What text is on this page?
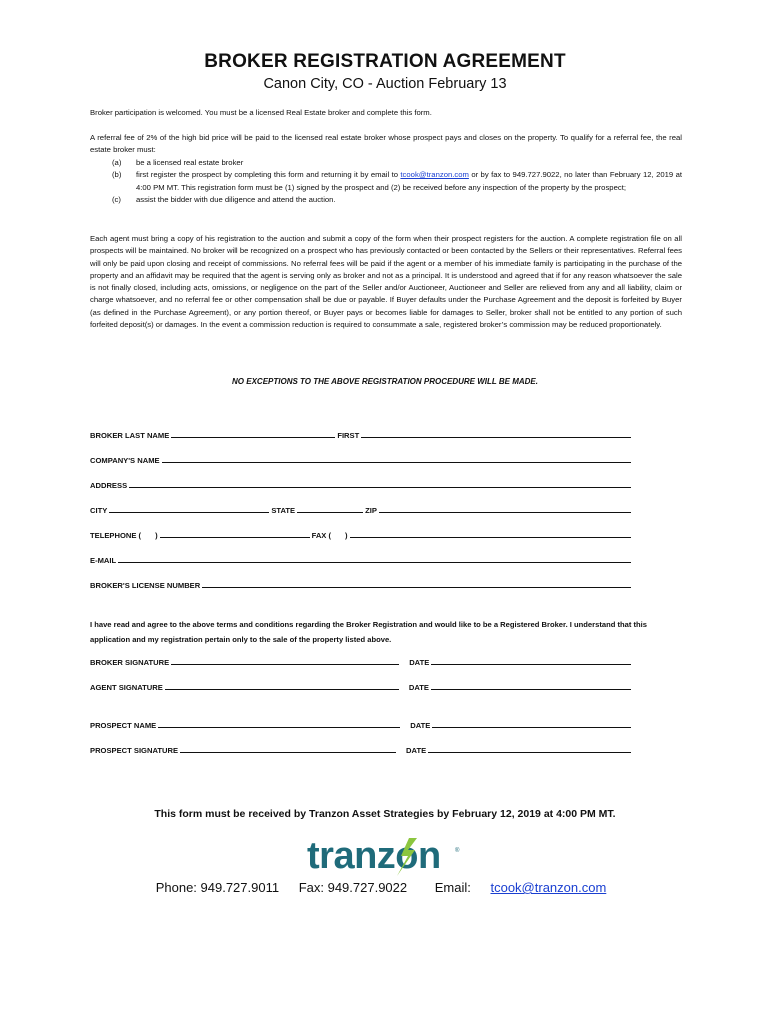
BROKER REGISTRATION AGREEMENT
Canon City, CO - Auction February 13
Broker participation is welcomed. You must be a licensed Real Estate broker and complete this form.
A referral fee of 2% of the high bid price will be paid to the licensed real estate broker whose prospect pays and closes on the property. To qualify for a referral fee, the real estate broker must:
(a) be a licensed real estate broker
(b) first register the prospect by completing this form and returning it by email to tcook@tranzon.com or by fax to 949.727.9022, no later than February 12, 2019 at 4:00 PM MT. This registration form must be (1) signed by the prospect and (2) be received before any inspection of the property by the prospect;
(c) assist the bidder with due diligence and attend the auction.
Each agent must bring a copy of his registration to the auction and submit a copy of the form when their prospect registers for the auction. A complete registration file on all prospects will be maintained. No broker will be recognized on a prospect who has previously contacted or been contacted by the Sellers or their representatives. Referral fees will only be paid upon closing and receipt of commissions. No referral fees will be paid if the agent or a member of his immediate family is participating in the purchase of the property and an affidavit may be required that the agent is serving only as broker and not as a principal. It is understood and agreed that if for any reason whatsoever the sale is not finally closed, including acts, omissions, or negligence on the part of the Seller and/or Auctioneer, Auctioneer and Seller are relieved from any and all liability, claim or charge whatsoever, and no referral fee or other compensation shall be due or payable. If Buyer defaults under the Purchase Agreement and the deposit is forfeited by Buyer (as defined in the Purchase Agreement), or any portion thereof, or Buyer pays or becomes liable for damages to Seller, broker shall not be entitled to any portion of such forfeited deposit(s) or damages. In the event a commission reduction is required to consummate a sale, registered broker’s commission may be reduced proportionately.
NO EXCEPTIONS TO THE ABOVE REGISTRATION PROCEDURE WILL BE MADE.
BROKER LAST NAME	FIRST
COMPANY'S NAME
ADDRESS
CITY	STATE	ZIP
TELEPHONE ( )	FAX ( )
E-MAIL
BROKER'S LICENSE NUMBER
I have read and agree to the above terms and conditions regarding the Broker Registration and would like to be a Registered Broker. I understand that this application and my registration pertain only to the sale of the property listed above.
BROKER SIGNATURE	DATE
AGENT SIGNATURE	DATE
PROSPECT NAME	DATE
PROSPECT SIGNATURE	DATE
This form must be received by Tranzon Asset Strategies by February 12, 2019 at 4:00 PM MT.
tranzon ®
Phone: 949.727.9011 Fax: 949.727.9022 Email: tcook@tranzon.com
